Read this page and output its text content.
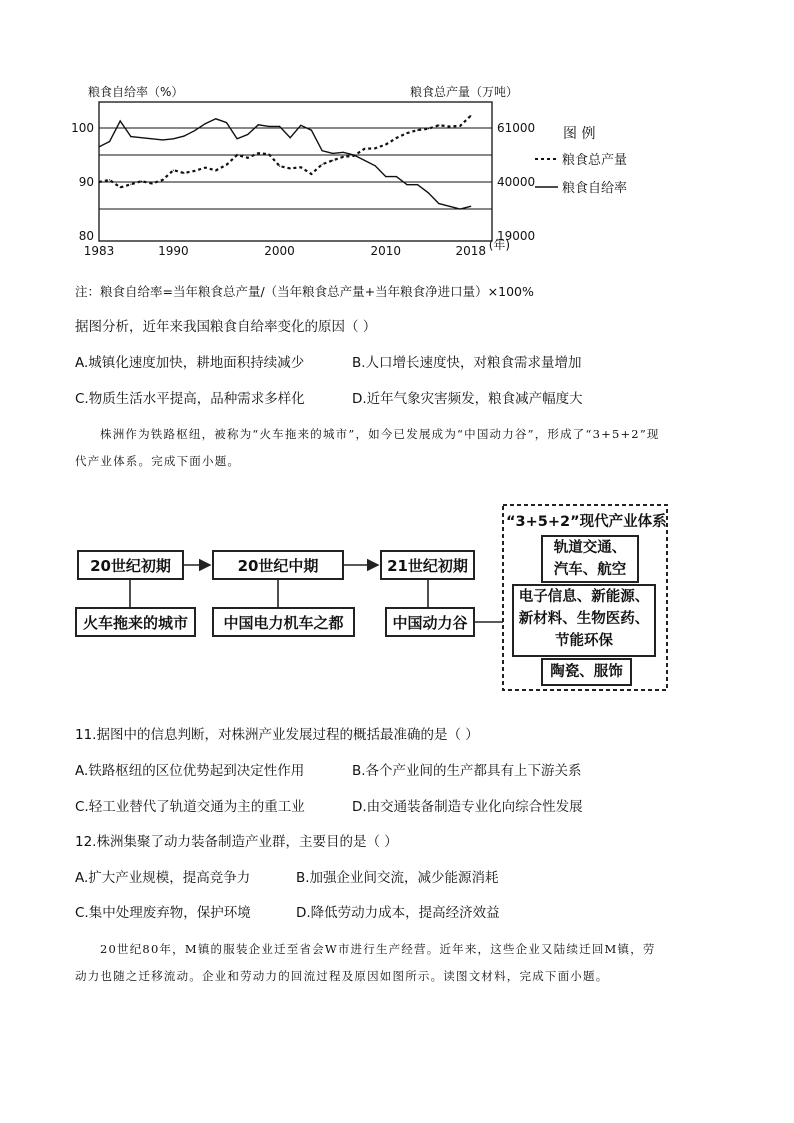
粮食自给率（%）	粮食总产量（万吨）
100
90
80
61000
40000
19000
1983	1990	2000	2010	2018 (年)
图 例
粮食总产量
粮食自给率
注：粮食自给率=当年粮食总产量/（当年粮食总产量+当年粮食净进口量）×100%
据图分析，近年来我国粮食自给率变化的原因（ ）
A.城镇化速度加快，耕地面积持续减少	B.人口增长速度快，对粮食需求量增加
C.物质生活水平提高，品种需求多样化	D.近年气象灾害频发，粮食减产幅度大
株洲作为铁路枢纽，被称为“火车拖来的城市”，如今已发展成为“中国动力谷”，形成了“3+5+2”现
代产业体系。完成下面小题。
20世纪初期	20世纪中期	21世纪初期
火车拖来的城市 中国电力机车之都	中国动力谷
“3+5+2”现代产业体系
轨道交通、
汽车、航空
电子信息、新能源、
新材料、生物医药、
节能环保
陶瓷、服饰
11.据图中的信息判断，对株洲产业发展过程的概括最准确的是（ ）
A.铁路枢纽的区位优势起到决定性作用	B.各个产业间的生产都具有上下游关系
C.轻工业替代了轨道交通为主的重工业	D.由交通装备制造专业化向综合性发展
12.株洲集聚了动力装备制造产业群，主要目的是（ ）
A.扩大产业规模，提高竞争力	B.加强企业间交流，减少能源消耗
C.集中处理废弃物，保护环境	D.降低劳动力成本，提高经济效益
20世纪80年，M镇的服装企业迁至省会W市进行生产经营。近年来，这些企业又陆续迁回M镇，劳
动力也随之迁移流动。企业和劳动力的回流过程及原因如图所示。读图文材料，完成下面小题。
